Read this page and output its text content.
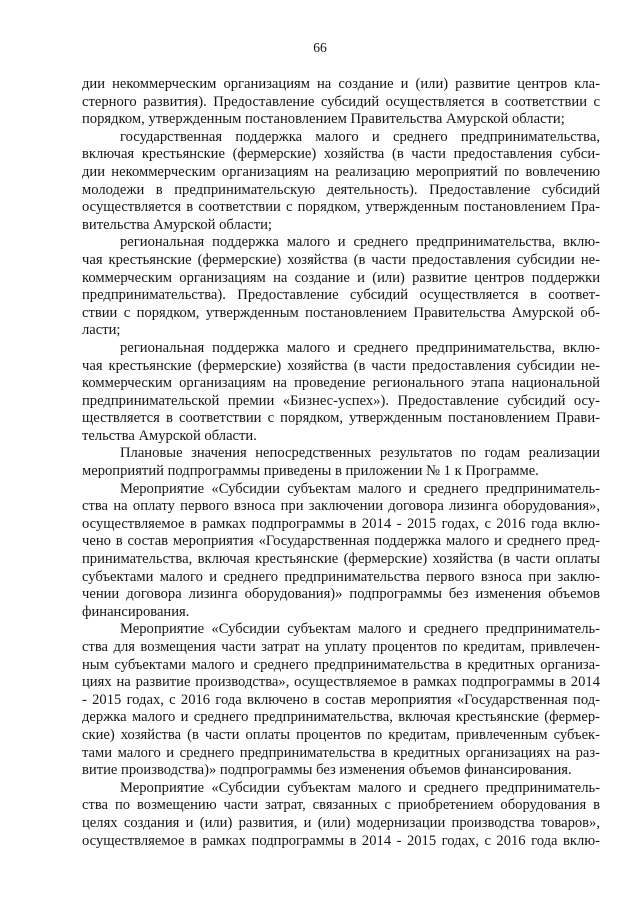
66
дии некоммерческим организациям на создание и (или) развитие центров кла-
стерного развития). Предоставление субсидий осуществляется в соответствии с
порядком, утвержденным постановлением Правительства Амурской области;
государственная поддержка малого и среднего предпринимательства,
включая крестьянские (фермерские) хозяйства (в части предоставления субси-
дии некоммерческим организациям на реализацию мероприятий по вовлечению
молодежи в предпринимательскую деятельность). Предоставление субсидий
осуществляется в соответствии с порядком, утвержденным постановлением Пра-
вительства Амурской области;
региональная поддержка малого и среднего предпринимательства, вклю-
чая крестьянские (фермерские) хозяйства (в части предоставления субсидии не-
коммерческим организациям на создание и (или) развитие центров поддержки
предпринимательства). Предоставление субсидий осуществляется в соответ-
ствии с порядком, утвержденным постановлением Правительства Амурской об-
ласти;
региональная поддержка малого и среднего предпринимательства, вклю-
чая крестьянские (фермерские) хозяйства (в части предоставления субсидии не-
коммерческим организациям на проведение регионального этапа национальной
предпринимательской премии «Бизнес-успех»). Предоставление субсидий осу-
ществляется в соответствии с порядком, утвержденным постановлением Прави-
тельства Амурской области.
Плановые значения непосредственных результатов по годам реализации
мероприятий подпрограммы приведены в приложении № 1 к Программе.
Мероприятие «Субсидии субъектам малого и среднего предприниматель-
ства на оплату первого взноса при заключении договора лизинга оборудования»,
осуществляемое в рамках подпрограммы в 2014 - 2015 годах, с 2016 года вклю-
чено в состав мероприятия «Государственная поддержка малого и среднего пред-
принимательства, включая крестьянские (фермерские) хозяйства (в части оплаты
субъектами малого и среднего предпринимательства первого взноса при заклю-
чении договора лизинга оборудования)» подпрограммы без изменения объемов
финансирования.
Мероприятие «Субсидии субъектам малого и среднего предприниматель-
ства для возмещения части затрат на уплату процентов по кредитам, привлечен-
ным субъектами малого и среднего предпринимательства в кредитных организа-
циях на развитие производства», осуществляемое в рамках подпрограммы в 2014
- 2015 годах, с 2016 года включено в состав мероприятия «Государственная под-
держка малого и среднего предпринимательства, включая крестьянские (фермер-
ские) хозяйства (в части оплаты процентов по кредитам, привлеченным субъек-
тами малого и среднего предпринимательства в кредитных организациях на раз-
витие производства)» подпрограммы без изменения объемов финансирования.
Мероприятие «Субсидии субъектам малого и среднего предприниматель-
ства по возмещению части затрат, связанных с приобретением оборудования в
целях создания и (или) развития, и (или) модернизации производства товаров»,
осуществляемое в рамках подпрограммы в 2014 - 2015 годах, с 2016 года вклю-
